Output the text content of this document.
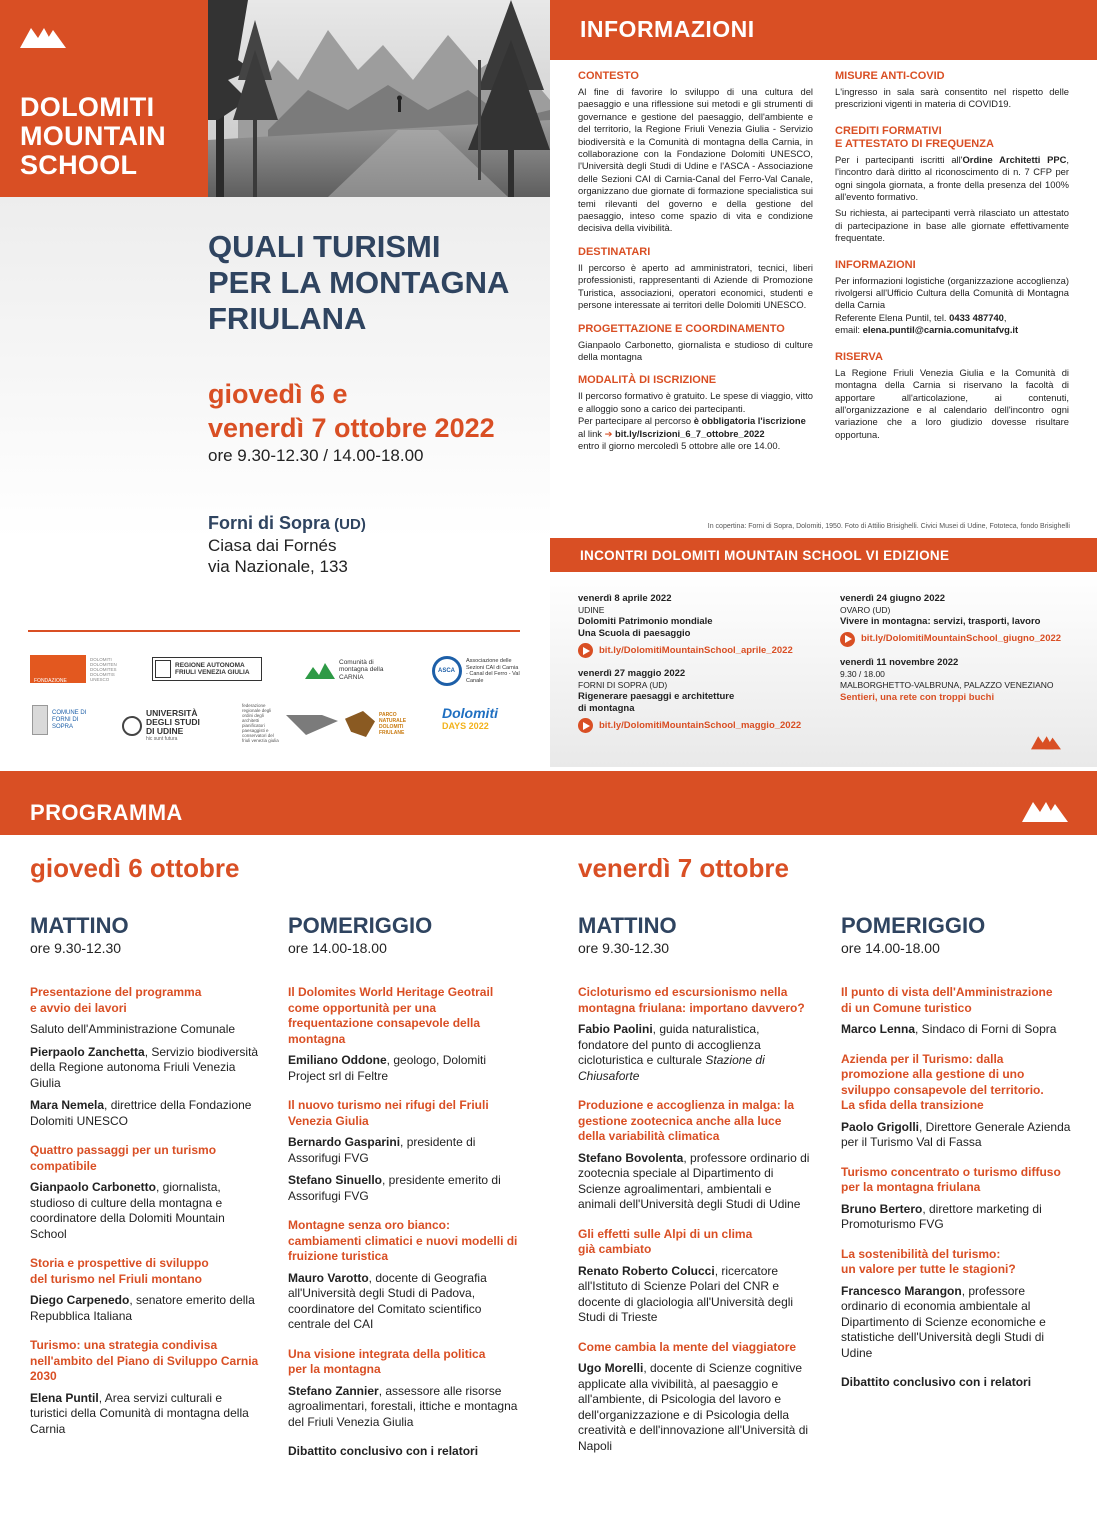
DOLOMITI
MOUNTAIN
SCHOOL
QUALI TURISMI
PER LA MONTAGNA
FRIULANA
giovedì 6 e
venerdì 7 ottobre 2022
ore 9.30-12.30 / 14.00-18.00
Forni di Sopra (UD)
Ciasa dai Fornés
via Nazionale, 133
FONDAZIONE DOLOMITI
DOLOMITI DOLOMITEN DOLOMITES DOLOMITIS UNESCO
REGIONE AUTONOMA FRIULI VENEZIA GIULIA
Comunità di montagna della CARNIA
ASCA
Associazione delle Sezioni CAI di Carnia - Canal del Ferro - Val Canale
COMUNE DI FORNI DI SOPRA
UNIVERSITÀ
DEGLI STUDI
DI UDINE
hic sunt futura
federazione regionale degli ordini degli architetti pianificatori paesaggisti e conservatori del friuli venezia giulia
PARCO NATURALE DOLOMITI FRIULANE
Dolomiti
DAYS 2022
INFORMAZIONI
CONTESTO

Al fine di favorire lo sviluppo di una cultura del paesaggio e una riflessione sui metodi e gli strumenti di governance e gestione del paesaggio, dell'ambiente e del territorio, la Regione Friuli Venezia Giulia - Servizio biodiversità e la Comunità di montagna della Carnia, in collaborazione con la Fondazione Dolomiti UNESCO, l'Università degli Studi di Udine e l'ASCA - Associazione delle Sezioni CAI di Carnia-Canal del Ferro-Val Canale, organizzano due giornate di formazione specialistica sui temi rilevanti del governo e della gestione del paesaggio, inteso come spazio di vita e condizione decisiva della vivibilità.

DESTINATARI

Il percorso è aperto ad amministratori, tecnici, liberi professionisti, rappresentanti di Aziende di Promozione Turistica, associazioni, operatori economici, studenti e persone interessate ai territori delle Dolomiti UNESCO.

PROGETTAZIONE E COORDINAMENTO

Gianpaolo Carbonetto, giornalista e studioso di culture della montagna

MODALITÀ DI ISCRIZIONE

Il percorso formativo è gratuito. Le spese di viaggio, vitto e alloggio sono a carico dei partecipanti.

Per partecipare al percorso è obbligatoria l'iscrizione al link ➔ bit.ly/Iscrizioni_6_7_ottobre_2022

entro il giorno mercoledì 5 ottobre alle ore 14.00.

MISURE ANTI-COVID

L'ingresso in sala sarà consentito nel rispetto delle prescrizioni vigenti in materia di COVID19.

CREDITI FORMATIVI
E ATTESTATO DI FREQUENZA

Per i partecipanti iscritti all'Ordine Architetti PPC, l'incontro darà diritto al riconoscimento di n. 7 CFP per ogni singola giornata, a fronte della presenza del 100% all'evento formativo.

Su richiesta, ai partecipanti verrà rilasciato un attestato di partecipazione in base alle giornate effettivamente frequentate.

INFORMAZIONI

Per informazioni logistiche (organizzazione accoglienza) rivolgersi all'Ufficio Cultura della Comunità di Montagna della Carnia

Referente Elena Puntil, tel. 0433 487740,

email: elena.puntil@carnia.comunitafvg.it

RISERVA

La Regione Friuli Venezia Giulia e la Comunità di montagna della Carnia si riservano la facoltà di apportare all'articolazione, ai contenuti, all'organizzazione e al calendario dell'incontro ogni variazione che a loro giudizio dovesse risultare opportuna.

In copertina: Forni di Sopra, Dolomiti, 1950. Foto di Attilio Brisighelli. Civici Musei di Udine, Fototeca, fondo Brisighelli
INCONTRI DOLOMITI MOUNTAIN SCHOOL VI EDIZIONE
venerdì 8 aprile 2022
UDINE
Dolomiti Patrimonio mondiale
Una Scuola di paesaggio
bit.ly/DolomitiMountainSchool_aprile_2022
venerdì 27 maggio 2022
FORNI DI SOPRA (UD)
Rigenerare paesaggi e architetture
di montagna
bit.ly/DolomitiMountainSchool_maggio_2022
venerdì 24 giugno 2022
OVARO (UD)
Vivere in montagna: servizi, trasporti, lavoro
bit.ly/DolomitiMountainSchool_giugno_2022
venerdì 11 novembre 2022
9.30 / 18.00
MALBORGHETTO-VALBRUNA, PALAZZO VENEZIANO
Sentieri, una rete con troppi buchi
PROGRAMMA
giovedì 6 ottobre	venerdì 7 ottobre
MATTINO
ore 9.30-12.30
POMERIGGIO
ore 14.00-18.00
MATTINO
ore 9.30-12.30
POMERIGGIO
ore 14.00-18.00
Presentazione del programma
e avvio dei lavori
Saluto dell'Amministrazione Comunale
Pierpaolo Zanchetta, Servizio biodiversità della Regione autonoma Friuli Venezia Giulia
Mara Nemela, direttrice della Fondazione Dolomiti UNESCO
Quattro passaggi per un turismo compatibile
Gianpaolo Carbonetto, giornalista, studioso di culture della montagna e coordinatore della Dolomiti Mountain School
Storia e prospettive di sviluppo
del turismo nel Friuli montano
Diego Carpenedo, senatore emerito della Repubblica Italiana
Turismo: una strategia condivisa nell'ambito del Piano di Sviluppo Carnia 2030
Elena Puntil, Area servizi culturali e turistici della Comunità di montagna della Carnia
Il Dolomites World Heritage Geotrail come opportunità per una frequentazione consapevole della montagna
Emiliano Oddone, geologo, Dolomiti Project srl di Feltre
Il nuovo turismo nei rifugi del Friuli Venezia Giulia
Bernardo Gasparini, presidente di Assorifugi FVG
Stefano Sinuello, presidente emerito di Assorifugi FVG
Montagne senza oro bianco: cambiamenti climatici e nuovi modelli di fruizione turistica
Mauro Varotto, docente di Geografia all'Università degli Studi di Padova, coordinatore del Comitato scientifico centrale del CAI
Una visione integrata della politica
per la montagna
Stefano Zannier, assessore alle risorse agroalimentari, forestali, ittiche e montagna del Friuli Venezia Giulia
Dibattito conclusivo con i relatori
Cicloturismo ed escursionismo nella montagna friulana: importano davvero?
Fabio Paolini, guida naturalistica, fondatore del punto di accoglienza cicloturistica e culturale Stazione di Chiusaforte
Produzione e accoglienza in malga: la gestione zootecnica anche alla luce della variabilità climatica
Stefano Bovolenta, professore ordinario di zootecnia speciale al Dipartimento di Scienze agroalimentari, ambientali e animali dell'Università degli Studi di Udine
Gli effetti sulle Alpi di un clima
già cambiato
Renato Roberto Colucci, ricercatore all'Istituto di Scienze Polari del CNR e docente di glaciologia all'Università degli Studi di Trieste
Come cambia la mente del viaggiatore
Ugo Morelli, docente di Scienze cognitive applicate alla vivibilità, al paesaggio e all'ambiente, di Psicologia del lavoro e dell'organizzazione e di Psicologia della creatività e dell'innovazione all'Università di Napoli
Il punto di vista dell'Amministrazione
di un Comune turistico
Marco Lenna, Sindaco di Forni di Sopra
Azienda per il Turismo: dalla promozione alla gestione di uno sviluppo consapevole del territorio.
La sfida della transizione
Paolo Grigolli, Direttore Generale Azienda per il Turismo Val di Fassa
Turismo concentrato o turismo diffuso
per la montagna friulana
Bruno Bertero, direttore marketing di Promoturismo FVG
La sostenibilità del turismo:
un valore per tutte le stagioni?
Francesco Marangon, professore ordinario di economia ambientale al Dipartimento di Scienze economiche e statistiche dell'Università degli Studi di Udine
Dibattito conclusivo con i relatori
